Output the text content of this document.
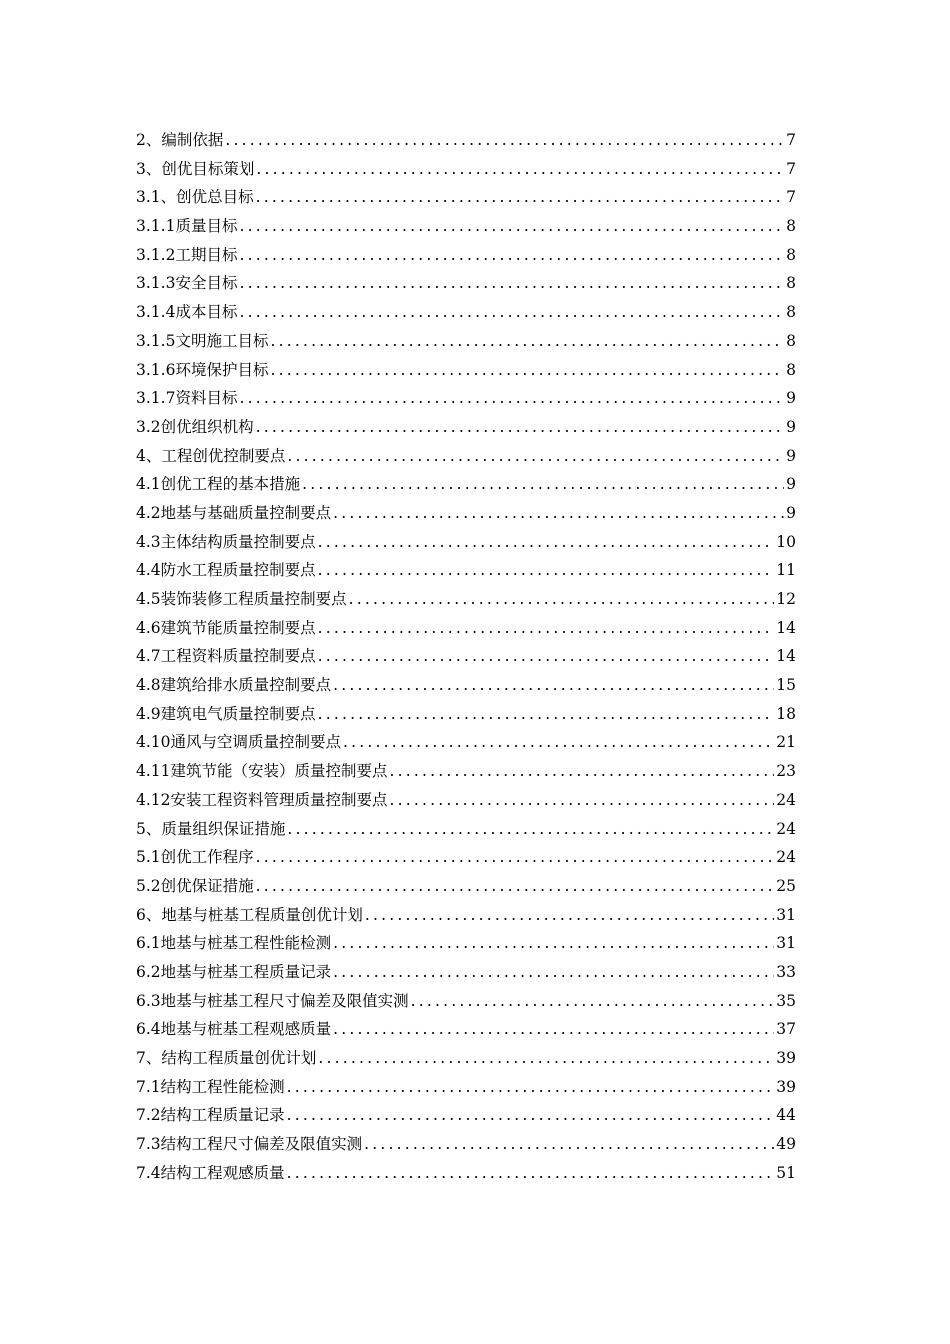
2、编制依据 .....	7
3、创优目标策划 .....	7
3.1、创优总目标 .....	7
3.1.1质量目标 .....	8
3.1.2工期目标 .....	8
3.1.3安全目标 .....	8
3.1.4成本目标 .....	8
3.1.5文明施工目标 .....	8
3.1.6环境保护目标 .....	8
3.1.7资料目标 .....	9
3.2创优组织机构 .....	9
4、工程创优控制要点 .....	9
4.1创优工程的基本措施 .....	9
4.2地基与基础质量控制要点 .....	9
4.3主体结构质量控制要点 .....	10
4.4防水工程质量控制要点 .....	11
4.5装饰装修工程质量控制要点 .....	12
4.6建筑节能质量控制要点 .....	14
4.7工程资料质量控制要点 .....	14
4.8建筑给排水质量控制要点 .....	15
4.9建筑电气质量控制要点 .....	18
4.10通风与空调质量控制要点 .....	21
4.11建筑节能（安装）质量控制要点 .....	23
4.12安装工程资料管理质量控制要点 .....	24
5、质量组织保证措施 .....	24
5.1创优工作程序 .....	24
5.2创优保证措施 .....	25
6、地基与桩基工程质量创优计划 .....	31
6.1地基与桩基工程性能检测 .....	31
6.2地基与桩基工程质量记录 .....	33
6.3地基与桩基工程尺寸偏差及限值实测 .....	35
6.4地基与桩基工程观感质量 .....	37
7、结构工程质量创优计划 .....	39
7.1结构工程性能检测 .....	39
7.2结构工程质量记录 .....	44
7.3结构工程尺寸偏差及限值实测 .....	49
7.4结构工程观感质量 .....	51
